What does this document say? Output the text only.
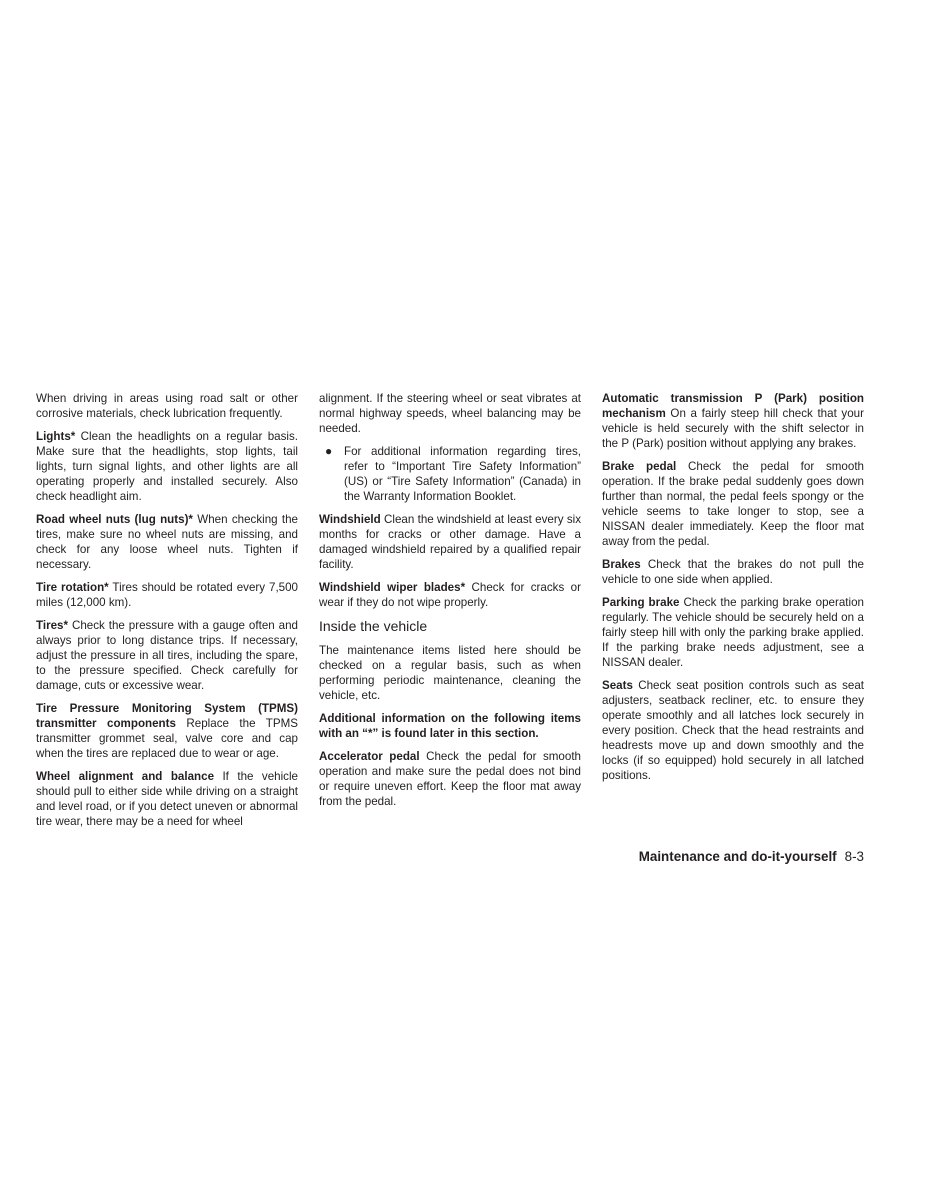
When driving in areas using road salt or other corrosive materials, check lubrication frequently.

Lights* Clean the headlights on a regular basis. Make sure that the headlights, stop lights, tail lights, turn signal lights, and other lights are all operating properly and installed securely. Also check headlight aim.

Road wheel nuts (lug nuts)* When checking the tires, make sure no wheel nuts are missing, and check for any loose wheel nuts. Tighten if necessary.

Tire rotation* Tires should be rotated every 7,500 miles (12,000 km).

Tires* Check the pressure with a gauge often and always prior to long distance trips. If necessary, adjust the pressure in all tires, including the spare, to the pressure specified. Check carefully for damage, cuts or excessive wear.

Tire Pressure Monitoring System (TPMS) transmitter components Replace the TPMS transmitter grommet seal, valve core and cap when the tires are replaced due to wear or age.

Wheel alignment and balance If the vehicle should pull to either side while driving on a straight and level road, or if you detect uneven or abnormal tire wear, there may be a need for wheel

alignment. If the steering wheel or seat vibrates at normal highway speeds, wheel balancing may be needed.

● For additional information regarding tires, refer to “Important Tire Safety Information” (US) or “Tire Safety Information” (Canada) in the Warranty Information Booklet.

Windshield Clean the windshield at least every six months for cracks or other damage. Have a damaged windshield repaired by a qualified repair facility.

Windshield wiper blades* Check for cracks or wear if they do not wipe properly.

Inside the vehicle

The maintenance items listed here should be checked on a regular basis, such as when performing periodic maintenance, cleaning the vehicle, etc.

Additional information on the following items with an “*” is found later in this section.

Accelerator pedal Check the pedal for smooth operation and make sure the pedal does not bind or require uneven effort. Keep the floor mat away from the pedal.

Automatic transmission P (Park) position mechanism On a fairly steep hill check that your vehicle is held securely with the shift selector in the P (Park) position without applying any brakes.

Brake pedal Check the pedal for smooth operation. If the brake pedal suddenly goes down further than normal, the pedal feels spongy or the vehicle seems to take longer to stop, see a NISSAN dealer immediately. Keep the floor mat away from the pedal.

Brakes Check that the brakes do not pull the vehicle to one side when applied.

Parking brake Check the parking brake operation regularly. The vehicle should be securely held on a fairly steep hill with only the parking brake applied. If the parking brake needs adjustment, see a NISSAN dealer.

Seats Check seat position controls such as seat adjusters, seatback recliner, etc. to ensure they operate smoothly and all latches lock securely in every position. Check that the head restraints and headrests move up and down smoothly and the locks (if so equipped) hold securely in all latched positions.

Maintenance and do-it-yourself 8-3
